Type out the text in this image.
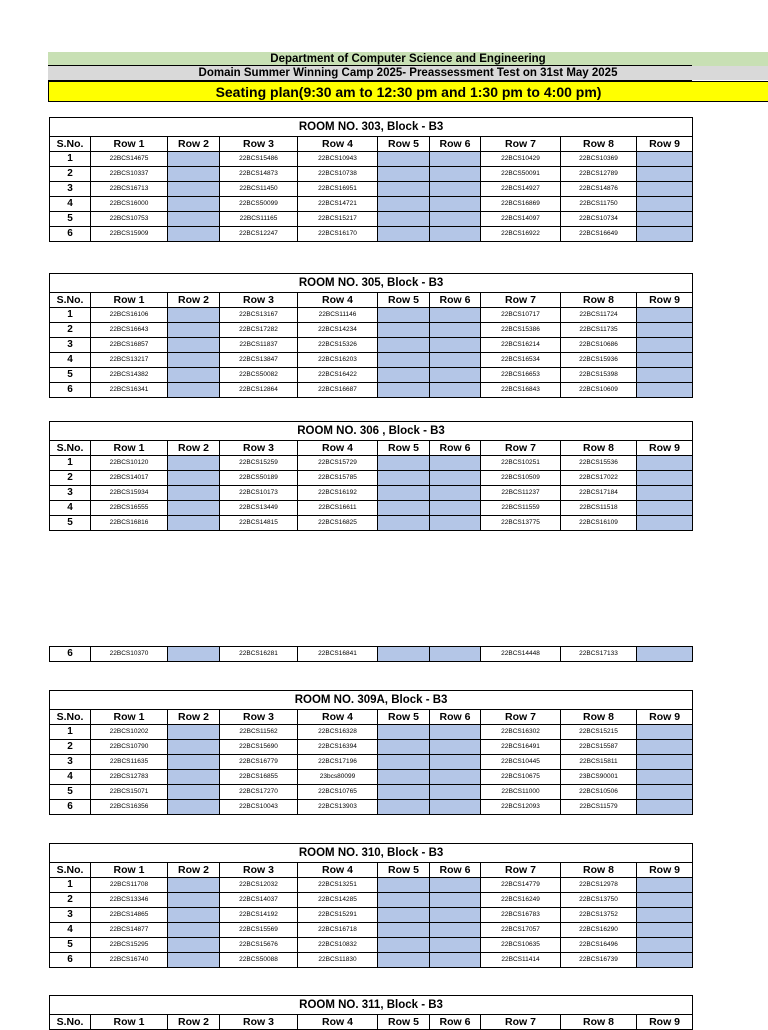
Department of Computer Science and Engineering
Domain Summer Winning Camp 2025- Preassessment Test on 31st May 2025
Seating plan(9:30 am to 12:30 pm and 1:30 pm to 4:00 pm)
ROOM NO. 303, Block - B3									
S.No.	Row 1	Row 2	Row 3	Row 4	Row 5	Row 6	Row 7	Row 8	Row 9
1	22BCS14675		22BCS15486	22BCS10943			22BCS10429	22BCS10369	
2	22BCS10337		22BCS14873	22BCS10738			22BCS50091	22BCS12789	
3	22BCS16713		22BCS11450	22BCS16951			22BCS14927	22BCS14876	
4	22BCS16000		22BCS50099	22BCS14721			22BCS16869	22BCS11750	
5	22BCS10753		22BCS11165	22BCS15217			22BCS14097	22BCS10734	
6	22BCS15909		22BCS12247	22BCS16170			22BCS16922	22BCS16649	
ROOM NO. 305, Block - B3									
S.No.	Row 1	Row 2	Row 3	Row 4	Row 5	Row 6	Row 7	Row 8	Row 9
1	22BCS16106		22BCS13167	22BCS11146			22BCS10717	22BCS11724	
2	22BCS16643		22BCS17282	22BCS14234			22BCS15386	22BCS11735	
3	22BCS16857		22BCS11837	22BCS15326			22BCS16214	22BCS10686	
4	22BCS13217		22BCS13847	22BCS16203			22BCS16534	22BCS15936	
5	22BCS14382		22BCS50082	22BCS16422			22BCS16653	22BCS15398	
6	22BCS16341		22BCS12864	22BCS16687			22BCS16843	22BCS10609	
ROOM NO. 306 , Block - B3									
S.No.	Row 1	Row 2	Row 3	Row 4	Row 5	Row 6	Row 7	Row 8	Row 9
1	22BCS10120		22BCS15259	22BCS15729			22BCS10251	22BCS15536	
2	22BCS14017		22BCS50189	22BCS15785			22BCS10509	22BCS17022	
3	22BCS15934		22BCS10173	22BCS16192			22BCS11237	22BCS17184	
4	22BCS16555		22BCS13449	22BCS16611			22BCS11559	22BCS11518	
5	22BCS16816		22BCS14815	22BCS16825			22BCS13775	22BCS16109	
6	22BCS10370		22BCS16281	22BCS16841			22BCS14448	22BCS17133	
ROOM NO. 309A, Block - B3									
S.No.	Row 1	Row 2	Row 3	Row 4	Row 5	Row 6	Row 7	Row 8	Row 9
1	22BCS10202		22BCS11562	22BCS16328			22BCS16302	22BCS15215	
2	22BCS10790		22BCS15690	22BCS16394			22BCS16491	22BCS15587	
3	22BCS11635		22BCS16779	22BCS17196			22BCS10445	22BCS15811	
4	22BCS12783		22BCS16855	23bcs80099			22BCS10675	23BCS90001	
5	22BCS15071		22BCS17270	22BCS10765			22BCS11000	22BCS10506	
6	22BCS16356		22BCS10043	22BCS13903			22BCS12093	22BCS11579	
ROOM NO. 310, Block - B3									
S.No.	Row 1	Row 2	Row 3	Row 4	Row 5	Row 6	Row 7	Row 8	Row 9
1	22BCS11708		22BCS12032	22BCS13251			22BCS14779	22BCS12978	
2	22BCS13346		22BCS14037	22BCS14285			22BCS16249	22BCS13750	
3	22BCS14865		22BCS14192	22BCS15291			22BCS16783	22BCS13752	
4	22BCS14877		22BCS15569	22BCS16718			22BCS17057	22BCS16290	
5	22BCS15295		22BCS15676	22BCS10832			22BCS10635	22BCS16496	
6	22BCS16740		22BCS50088	22BCS11830			22BCS11414	22BCS16739	
ROOM NO. 311, Block - B3
S.No.	Row 1	Row 2	Row 3	Row 4	Row 5	Row 6	Row 7	Row 8	Row 9
